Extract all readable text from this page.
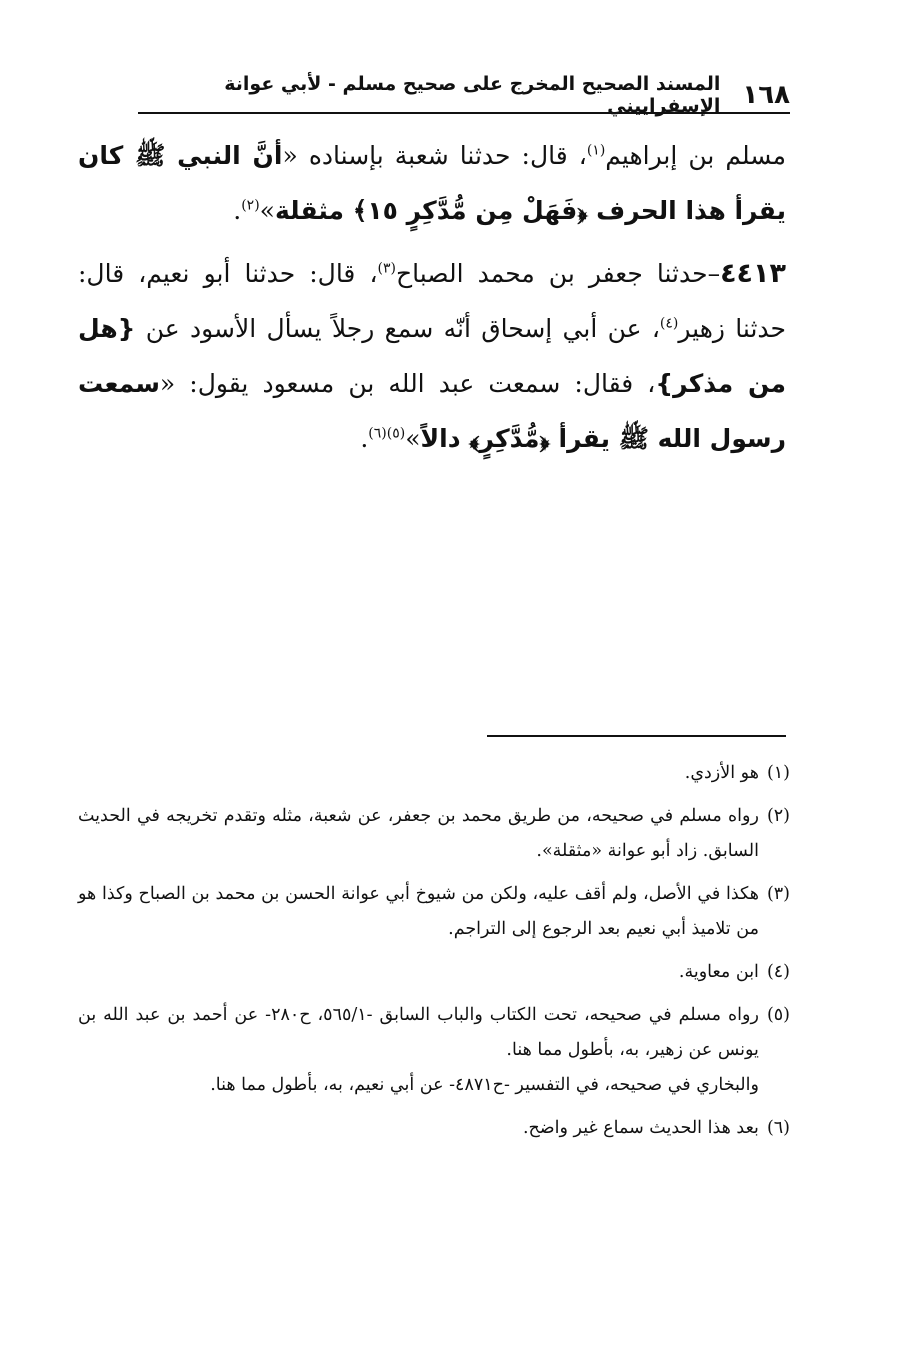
١٦٨
المسند الصحيح المخرج على صحيح مسلم - لأبي عوانة الإسفراييني

مسلم بن إبراهيم$^{(١)}$، قال: حدثنا شعبة بإسناده «أنَّ النبي ﷺ كان يقرأ هذا الحرف ﴿فَهَلْ مِن مُّدَّكِرٍ ١٥﴾ مثقلة»$^{(٢)}$.

٤٤١٣–حدثنا جعفر بن محمد الصباح$^{(٣)}$، قال: حدثنا أبو نعيم، قال: حدثنا زهير$^{(٤)}$، عن أبي إسحاق أنّه سمع رجلاً يسأل الأسود عن {هل من مذكر}، فقال: سمعت عبد الله بن مسعود يقول: «سمعت رسول الله ﷺ يقرأ ﴿مُّدَّكِرٍ﴾ دالاً»$^{(٥)(٦)}$.

(١)

هو الأزدي.

(٢)

رواه مسلم في صحيحه، من طريق محمد بن جعفر، عن شعبة، مثله وتقدم تخريجه في الحديث السابق. زاد أبو عوانة «مثقلة».

(٣)

هكذا في الأصل، ولم أقف عليه، ولكن من شيوخ أبي عوانة الحسن بن محمد بن الصباح وكذا هو من تلاميذ أبي نعيم بعد الرجوع إلى التراجم.

(٤)

ابن معاوية.

(٥)

رواه مسلم في صحيحه، تحت الكتاب والباب السابق -٥٦٥/١، ح٢٨٠- عن أحمد بن عبد الله بن يونس عن زهير، به، بأطول مما هنا.

والبخاري في صحيحه، في التفسير -ح٤٨٧١- عن أبي نعيم، به، بأطول مما هنا.

(٦)

بعد هذا الحديث سماع غير واضح.
